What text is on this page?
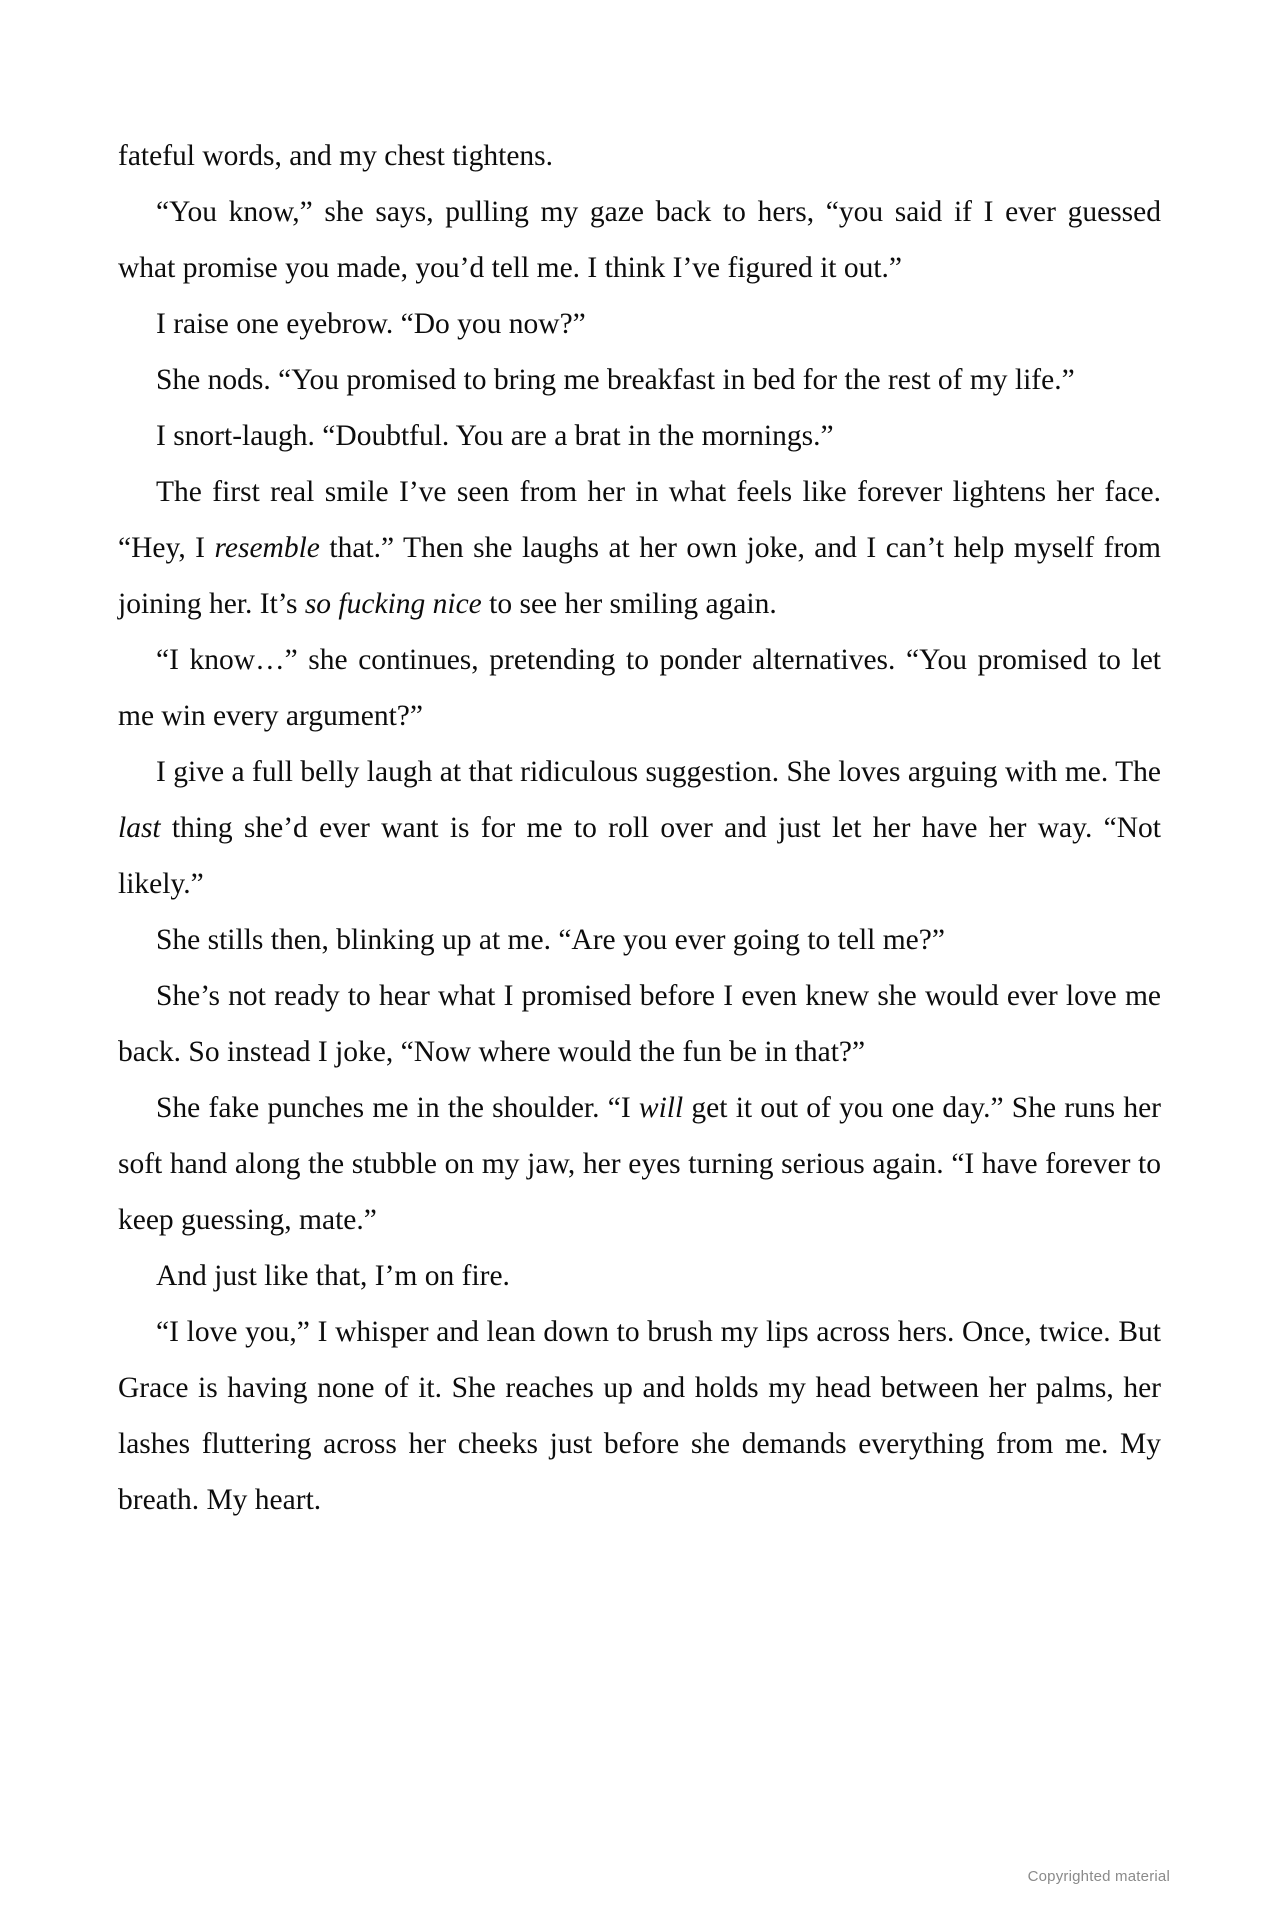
fateful words, and my chest tightens.

“You know,” she says, pulling my gaze back to hers, “you said if I ever guessed what promise you made, you’d tell me. I think I’ve figured it out.”

I raise one eyebrow. “Do you now?”

She nods. “You promised to bring me breakfast in bed for the rest of my life.”

I snort-laugh. “Doubtful. You are a brat in the mornings.”

The first real smile I’ve seen from her in what feels like forever lightens her face. “Hey, I resemble that.” Then she laughs at her own joke, and I can’t help myself from joining her. It’s so fucking nice to see her smiling again.

“I know…” she continues, pretending to ponder alternatives. “You promised to let me win every argument?”

I give a full belly laugh at that ridiculous suggestion. She loves arguing with me. The last thing she’d ever want is for me to roll over and just let her have her way. “Not likely.”

She stills then, blinking up at me. “Are you ever going to tell me?”

She’s not ready to hear what I promised before I even knew she would ever love me back. So instead I joke, “Now where would the fun be in that?”

She fake punches me in the shoulder. “I will get it out of you one day.” She runs her soft hand along the stubble on my jaw, her eyes turning serious again. “I have forever to keep guessing, mate.”

And just like that, I’m on fire.

“I love you,” I whisper and lean down to brush my lips across hers. Once, twice. But Grace is having none of it. She reaches up and holds my head between her palms, her lashes fluttering across her cheeks just before she demands everything from me. My breath. My heart.

Copyrighted material
